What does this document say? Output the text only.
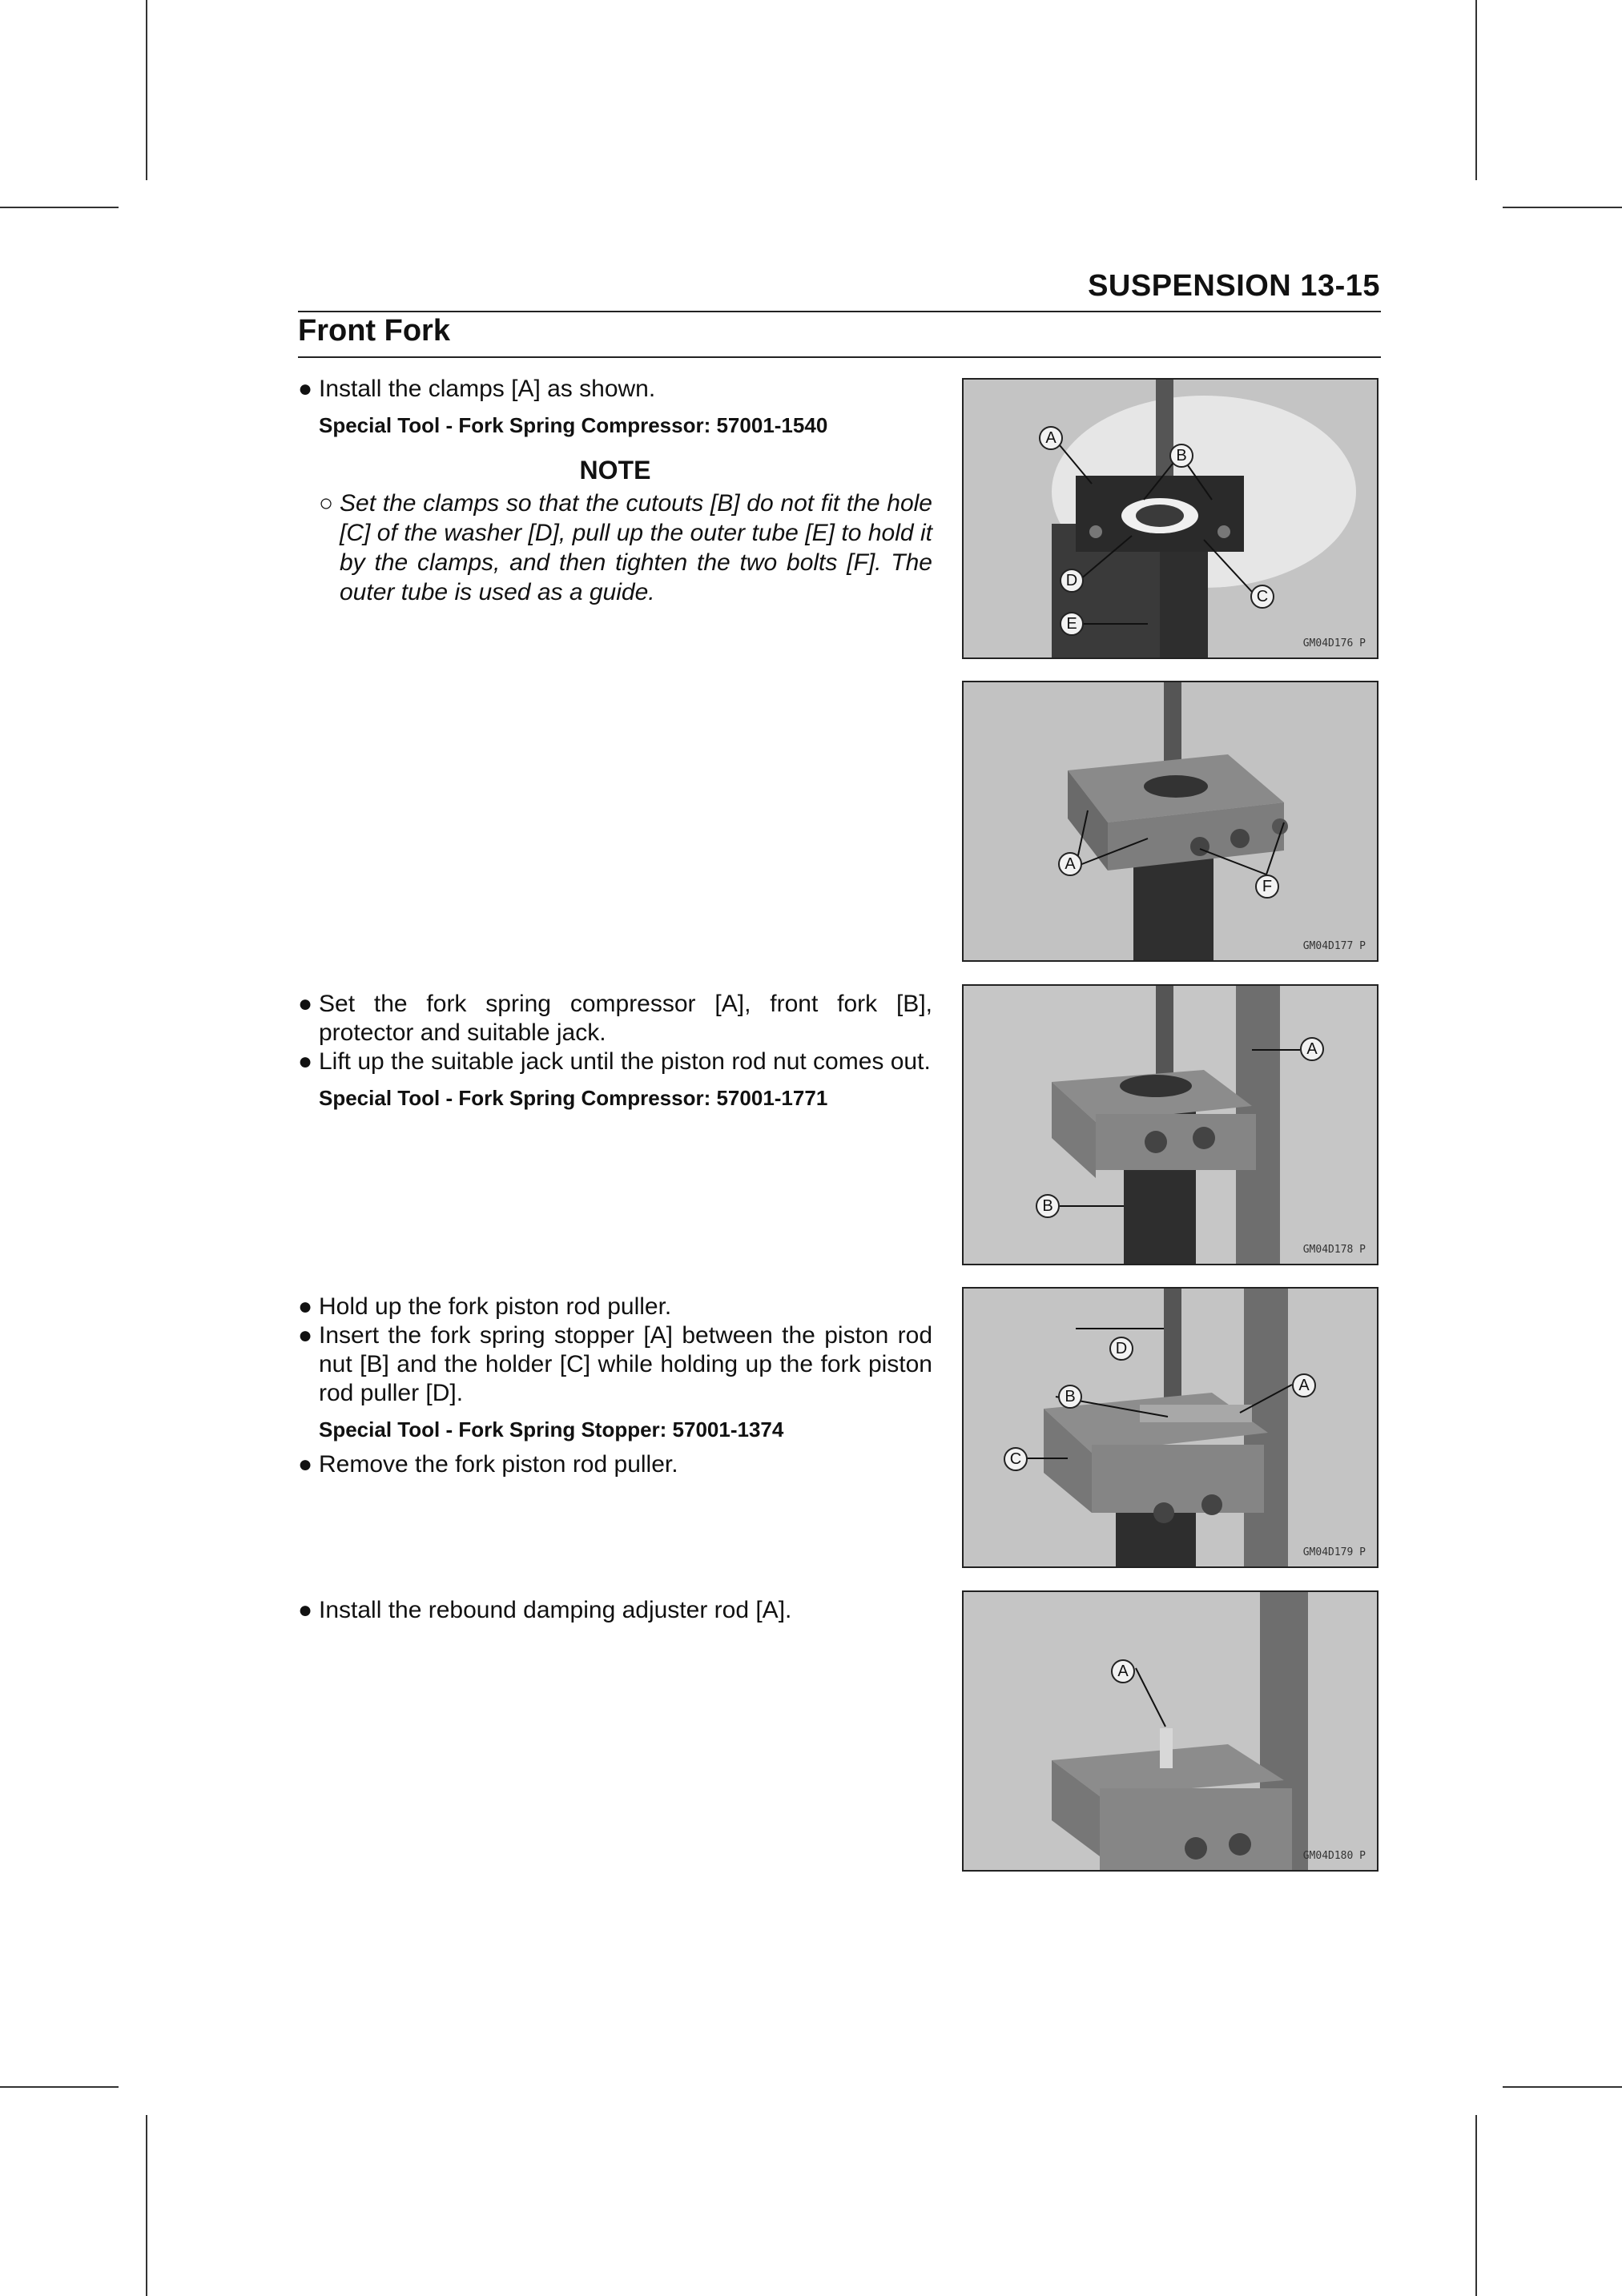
SUSPENSION 13-15
Front Fork

● Install the clamps [A] as shown.

Special Tool - Fork Spring Compressor: 57001-1540

NOTE

○ Set the clamps so that the cutouts [B] do not fit the hole [C] of the washer [D], pull up the outer tube [E] to hold it by the clamps, and then tighten the two bolts [F]. The outer tube is used as a guide.

● Set the fork spring compressor [A], front fork [B], protector and suitable jack.

● Lift up the suitable jack until the piston rod nut comes out.

Special Tool - Fork Spring Compressor: 57001-1771

● Hold up the fork piston rod puller.

● Insert the fork spring stopper [A] between the piston rod nut [B] and the holder [C] while holding up the fork piston rod puller [D].

Special Tool - Fork Spring Stopper: 57001-1374

● Remove the fork piston rod puller.

● Install the rebound damping adjuster rod [A].

A
B
D
C
E
GM04D176 P
A
F
GM04D177 P
A
B
GM04D178 P
D
B
A
C
GM04D179 P
A
GM04D180 P
